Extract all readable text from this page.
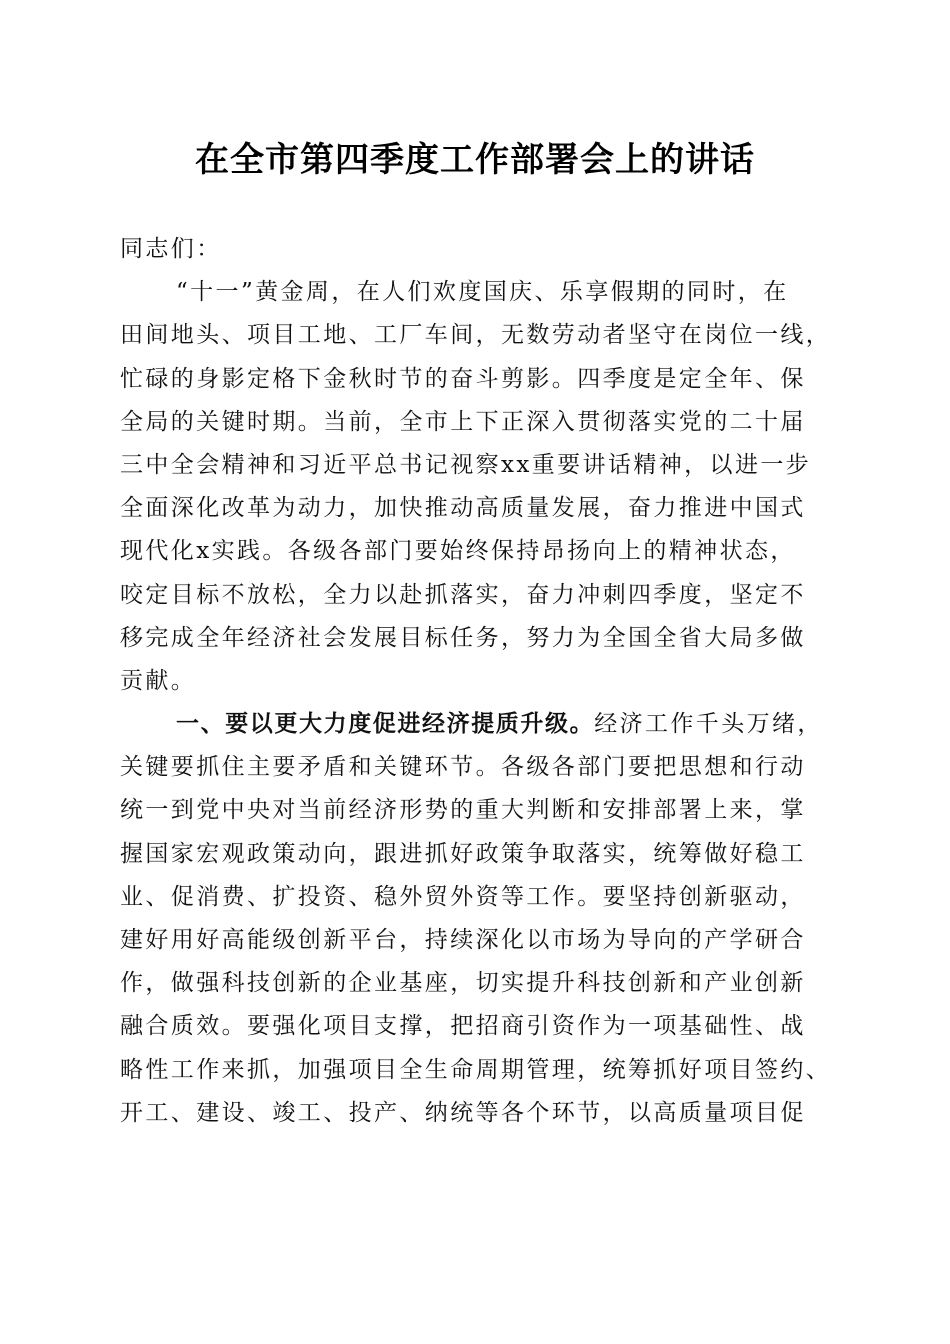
在全市第四季度工作部署会上的讲话
同志们：
“十一”黄金周，在人们欢度国庆、乐享假期的同时，在
田间地头、项目工地、工厂车间，无数劳动者坚守在岗位一线，
忙碌的身影定格下金秋时节的奋斗剪影。四季度是定全年、保
全局的关键时期。当前，全市上下正深入贯彻落实党的二十届
三中全会精神和习近平总书记视察xx重要讲话精神，以进一步
全面深化改革为动力，加快推动高质量发展，奋力推进中国式
现代化x实践。各级各部门要始终保持昂扬向上的精神状态，
咬定目标不放松，全力以赴抓落实，奋力冲刺四季度，坚定不
移完成全年经济社会发展目标任务，努力为全国全省大局多做
贡献。
一、要以更大力度促进经济提质升级。经济工作千头万绪，
关键要抓住主要矛盾和关键环节。各级各部门要把思想和行动
统一到党中央对当前经济形势的重大判断和安排部署上来，掌
握国家宏观政策动向，跟进抓好政策争取落实，统筹做好稳工
业、促消费、扩投资、稳外贸外资等工作。要坚持创新驱动，
建好用好高能级创新平台，持续深化以市场为导向的产学研合
作，做强科技创新的企业基座，切实提升科技创新和产业创新
融合质效。要强化项目支撑，把招商引资作为一项基础性、战
略性工作来抓，加强项目全生命周期管理，统筹抓好项目签约、
开工、建设、竣工、投产、纳统等各个环节，以高质量项目促
